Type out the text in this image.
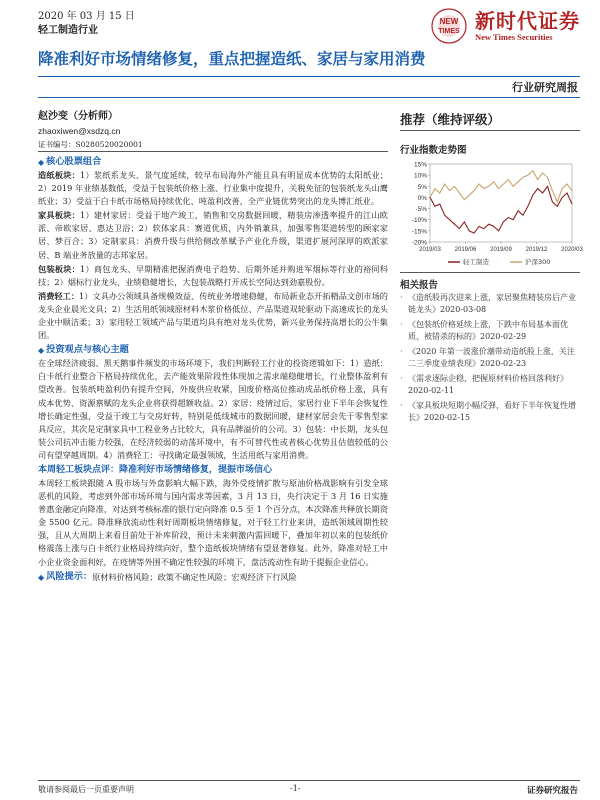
2020 年 03 月 15 日
轻工制造行业
NEW
TIMES 新时代证券
New Times Securities
降准利好市场情绪修复，重点把握造纸、家居与家用消费
行业研究周报
赵沙变（分析师）
zhaoxiwen@xsdzq.cn
证书编号：S0280520020001
推荐（维持评级）
行业指数走势图
15%
10%
5%
0%
-5%
-10%
-15%
-20%
2019/03 2019/06 2019/09 2019/12 2020/03
轻工制造	沪深300
相关报告
· 《造纸股再次迎来上涨，家居聚焦精装房后产业链龙头》2020-03-08
· 《包装纸价格延续上涨，下跌中布局基本面优质、被错杀的标的》2020-02-29
· 《2020 年第一波涨价潮带动造纸股上涨，关注二三季度业绩表现》2020-02-23
· 《需求逐际企稳，把握原材料价格回落利好》2020-02-11
· 《家具板块短期小幅反弹，看好下半年恢复性增长》2020-02-15
◆ 核心股票组合
造纸板块：1）浆纸系龙头、景气度延续，较早布局海外产能且具有明显成本优势的太阳纸业；2）2019 年业绩基数低，受益于包装纸价格上涨、行业集中度提升，关税免征的包装纸龙头山鹰纸业；3）受益于白卡纸市场格局持续优化、吨盈利改善，全产业链优势突出的龙头博汇纸业。
家具板块：1）建材家居：受益于地产竣工，销售和交房数据回暖，精装房渗透率提升的江山欧派、帝欧家居、惠达卫浴；2）软体家具：赛道优质，内外销兼具，加强零售渠道转型的顾家家居、梦百合；3）定制家具：消费升级与供给侧改革赋予产业化升级，渠道扩展河深厚的欧派家居、B 端业务放量的志邦家居。
包装板块：1）商包龙头、早期精准把握消费电子趋势、后期外延并购进军烟标等行业的裕同科技；2）烟标行业龙头、业绩稳健增长，大包装战略打开成长空间达到劲嘉股份。
消费轻工：1）文具办公领域具备规模效益、传统业务增速稳健，布局新业态开拓精品文创市场的龙头企业晨光文具；2）生活用纸领域原材料木浆价格低位、产品渠道双轮驱动下高速成长的龙头企业中顺洁柔；3）家用轻工领域产品与渠道均具有绝对龙头优势，新兴业务保持高增长的公牛集团。
◆ 投资观点与核心主题
在全球经济疲弱、黑天鹅事件频发的市场环境下，我们判断轻工行业的投资逻辑如下：1）造纸：白卡纸行业整合下格局持续优化，去产能效果阶段性体现加之需求端稳健增长，行业整体盈利有望改善。包装纸吨盈利仍有提升空间，外废供应收紧，国废价格高位推动成品纸价格上涨，具有成本优势、资源禀赋的龙头企业将获得超额收益。2）家居：疫情过后，家居行业下半年会恢复性增长确定性强，受益于竣工与交房好转，特别是低线城市的数据回暖，建材家居会先于零售型家具反应，其次是定制家具中工程业务占比较大，具有品牌溢价的公司。3）包装：中长期，龙头包装公司抗冲击能力较强，在经济较弱的动荡环境中，有不可替代性或者核心优势且估值较低的公司有望穿越周期。4）消费轻工：寻找确定最强领域，生活用纸与家用消费。
本周轻工板块点评：降准利好市场情绪修复，提振市场信心
本周轻工板块跟随 A 股市场与外盘影响大幅下跌，海外受疫情扩散与原油价格战影响有引发全球恶机的风险，考虑到外部市场环境与国内需求等因素，3 月 13 日，央行决定于 3 月 16 日实施普惠金融定向降准，对达到考核标准的银行定向降准 0.5 至 1 个百分点，本次降准共释放长期资金 5500 亿元。降准释放流动性利好周期板块情绪修复，对于轻工行业来讲，造纸领域周期性较强，且从大周期上来看目前处于补库阶段，预计未来刺激内需回暖下，叠加年初以来的包装纸价格震荡上涨与白卡纸行业格局持续向好，整个造纸板块情绪有望显著修复。此外，降准对轻工中小企业资金面利好，在疫情等外围不确定性较强的环境下，盘活流动性有助于提振企业信心。
◆ 风险提示： 原材料价格风险；政策不确定性风险；宏观经济下行风险
敬请参阅最后一页重要声明	-1-	证券研究报告
